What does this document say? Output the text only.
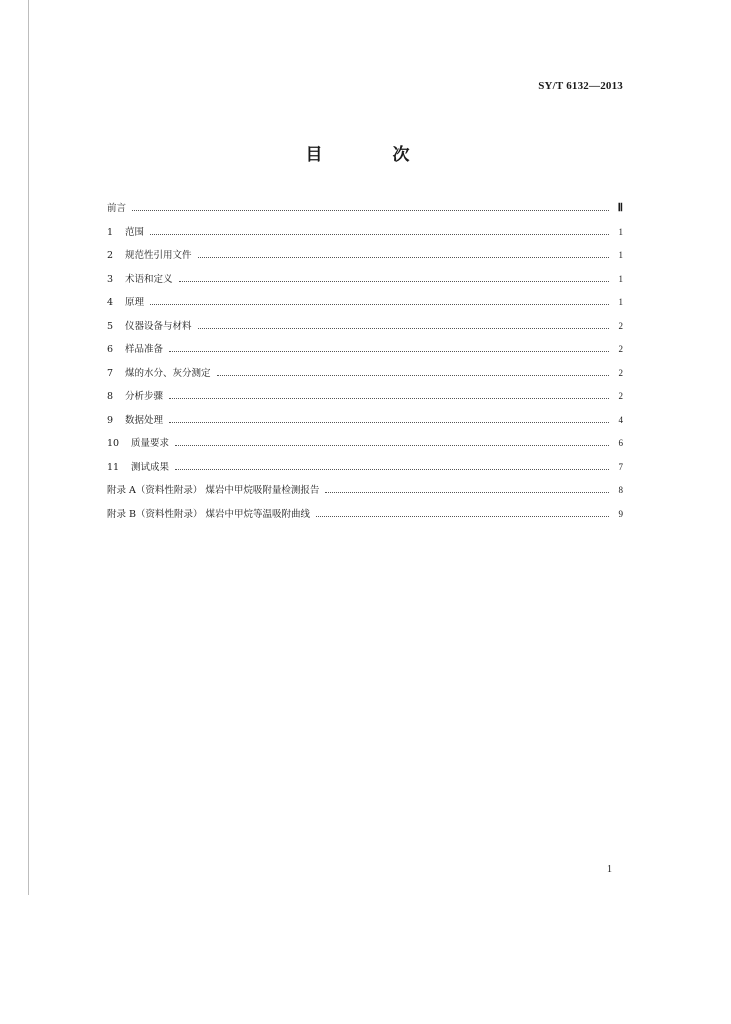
SY/T 6132—2013
目 次
前言	Ⅱ
1	范围	1
2	规范性引用文件	1
3	术语和定义	1
4	原理	1
5	仪器设备与材料	2
6	样品准备	2
7	煤的水分、灰分测定	2
8	分析步骤	2
9	数据处理	4
10	质量要求	6
11	测试成果	7
附录 A（资料性附录） 煤岩中甲烷吸附量检测报告	8
附录 B（资料性附录） 煤岩中甲烷等温吸附曲线	9
1
